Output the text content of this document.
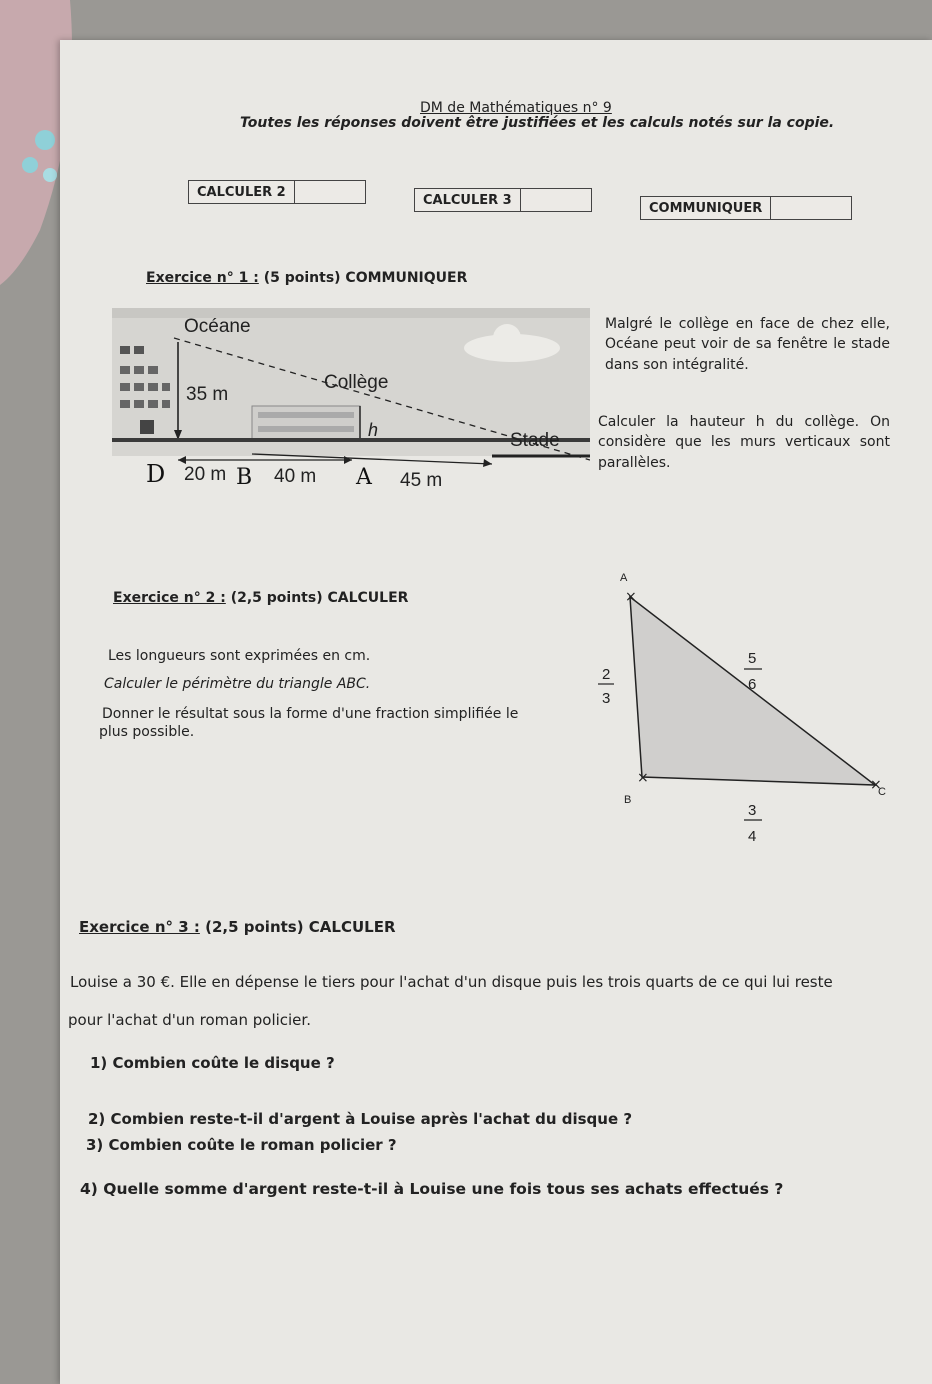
DM de Mathématiques n° 9
Toutes les réponses doivent être justifiées et les calculs notés sur la copie.
CALCULER 2
CALCULER 3
COMMUNIQUER
Exercice n° 1 : (5 points) COMMUNIQUER
Océane
Collège
Stade
h
35 m
20 m	40 m	45 m
D	B	A
Malgré le collège en face de chez elle, Océane peut voir de sa fenêtre le stade dans son intégralité.
Calculer la hauteur h du collège. On considère que les murs verticaux sont parallèles.
Exercice n° 2 : (2,5 points) CALCULER
Les longueurs sont exprimées en cm.
Calculer le périmètre du triangle ABC.
Donner le résultat sous la forme d'une fraction simplifiée le
plus possible.
A
B
C
×
×	×
2
3
5
6
3
4
Exercice n° 3 : (2,5 points) CALCULER
Louise a 30 €. Elle en dépense le tiers pour l'achat d'un disque puis les trois quarts de ce qui lui reste
pour l'achat d'un roman policier.
1) Combien coûte le disque ?
2) Combien reste-t-il d'argent à Louise après l'achat du disque ?
3) Combien coûte le roman policier ?
4) Quelle somme d'argent reste-t-il à Louise une fois tous ses achats effectués ?
